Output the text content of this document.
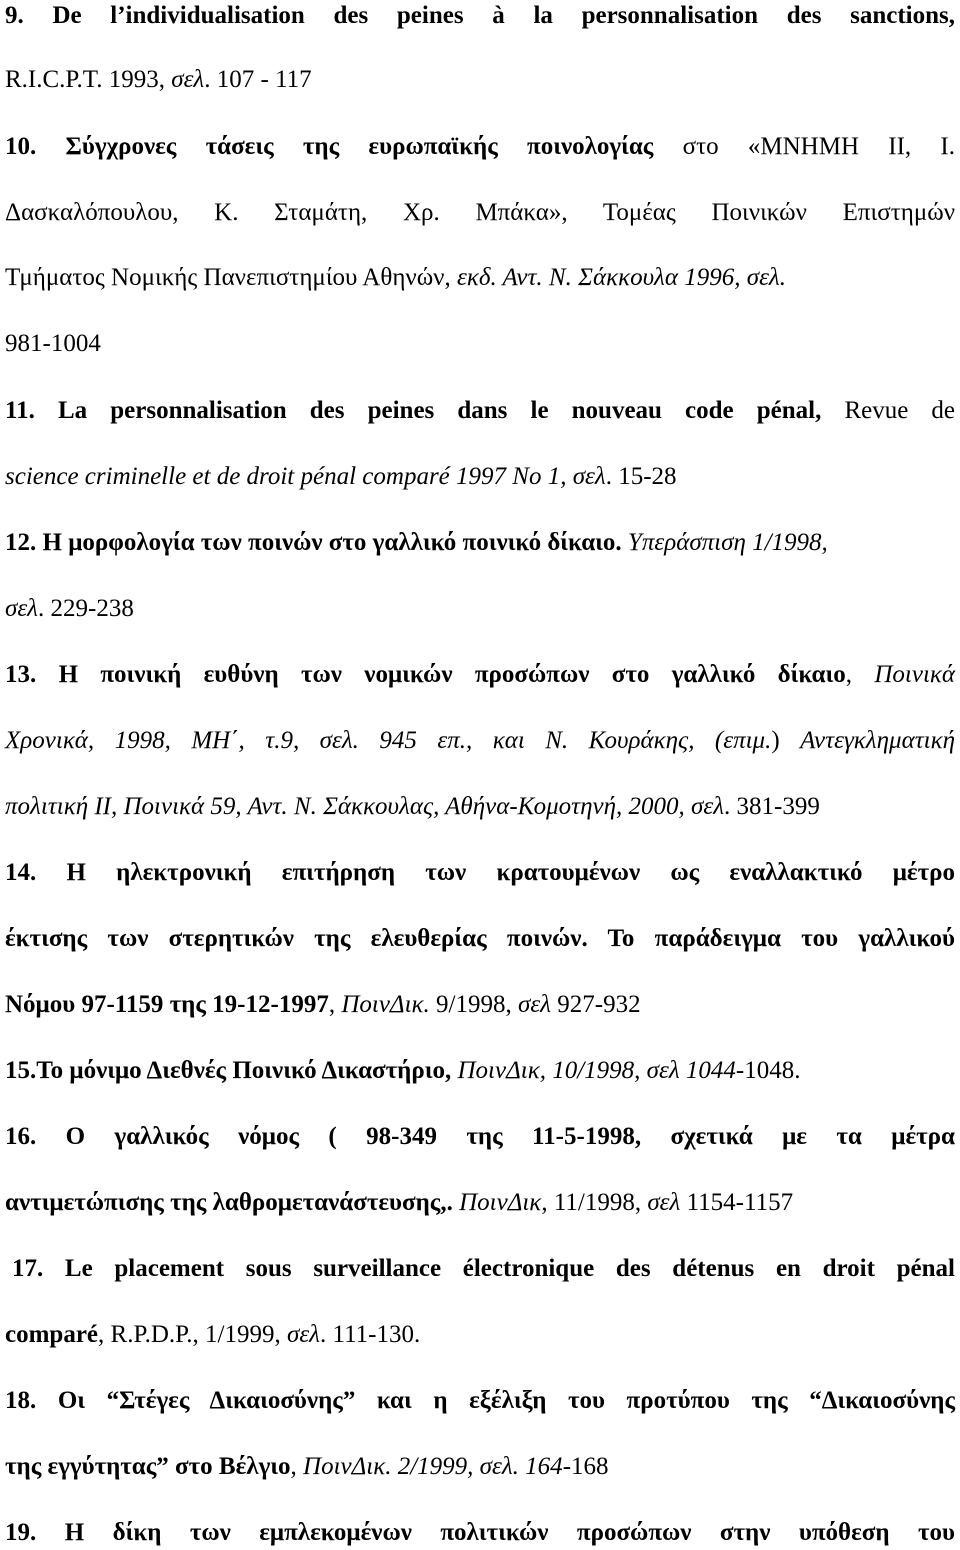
9. De l’individualisation des peines à la personnalisation des sanctions,
R.I.C.P.T. 1993, σελ. 107 - 117
10. Σύγχρονες τάσεις της ευρωπαϊκής ποινολογίας στο «ΜΝΗΜΗ ΙΙ, Ι.
Δασκαλόπουλου, Κ. Σταμάτη, Χρ. Μπάκα», Τομέας Ποινικών Επιστημών
Τμήματος Νομικής Πανεπιστημίου Αθηνών, εκδ. Αντ. Ν. Σάκκουλα 1996, σελ.
981-1004
11. La personnalisation des peines dans le nouveau code pénal, Revue de
science criminelle et de droit pénal comparé 1997 No 1, σελ. 15-28
12. Η μορφολογία των ποινών στο γαλλικό ποινικό δίκαιο. Υπεράσπιση 1/1998,
σελ. 229-238
13. Η ποινική ευθύνη των νομικών προσώπων στο γαλλικό δίκαιο, Ποινικά
Χρονικά, 1998, ΜΗ΄, τ.9, σελ. 945 επ., και Ν. Κουράκης, (επιμ.) Αντεγκληματική
πολιτική ΙΙ, Ποινικά 59, Αντ. Ν. Σάκκουλας, Αθήνα-Κομοτηνή, 2000, σελ. 381-399
14. Η ηλεκτρονική επιτήρηση των κρατουμένων ως εναλλακτικό μέτρο
έκτισης των στερητικών της ελευθερίας ποινών. Το παράδειγμα του γαλλικού
Νόμου 97-1159 της 19-12-1997, ΠοινΔικ. 9/1998, σελ 927-932
15.Το μόνιμο Διεθνές Ποινικό Δικαστήριο, ΠοινΔικ, 10/1998, σελ 1044-1048.
16. Ο γαλλικός νόμος ( 98-349 της 11-5-1998, σχετικά με τα μέτρα
αντιμετώπισης της λαθρομετανάστευσης,. ΠοινΔικ, 11/1998, σελ 1154-1157
17. Le placement sous surveillance électronique des détenus en droit pénal
comparé, R.P.D.P., 1/1999, σελ. 111-130.
18. Οι “Στέγες Δικαιοσύνης” και η εξέλιξη του προτύπου της “Δικαιοσύνης
της εγγύτητας” στο Βέλγιο, ΠοινΔικ. 2/1999, σελ. 164-168
19. Η δίκη των εμπλεκομένων πολιτικών προσώπων στην υπόθεση του
